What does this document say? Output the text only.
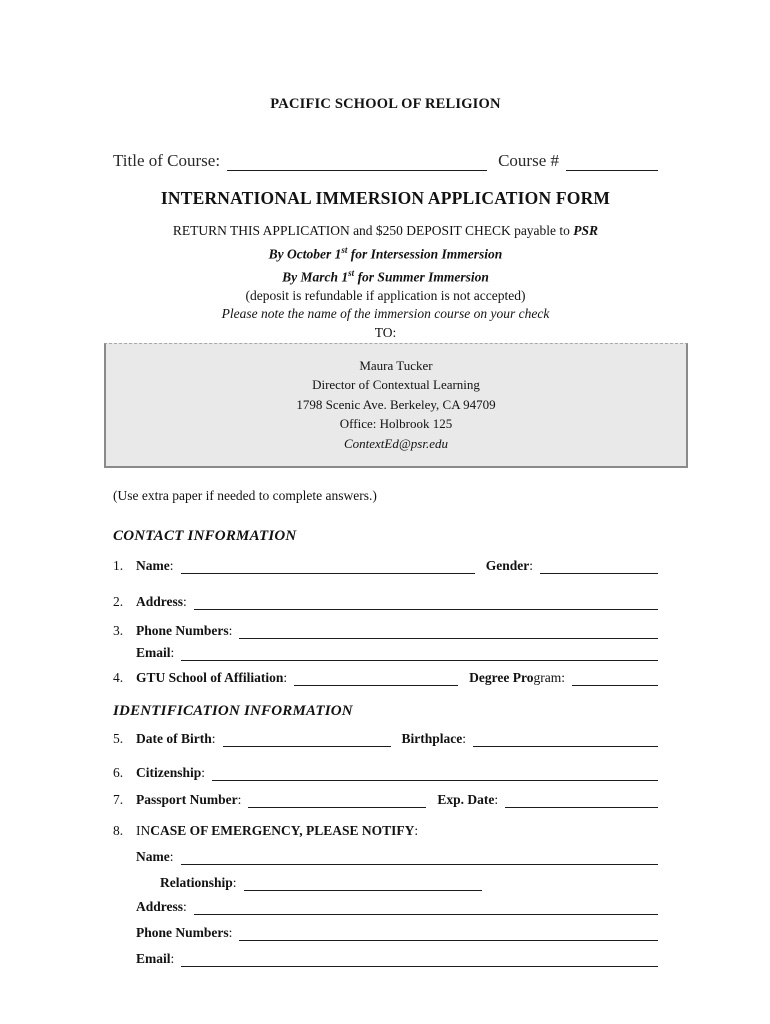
PACIFIC SCHOOL OF RELIGION
Title of Course:	Course #
INTERNATIONAL IMMERSION APPLICATION FORM
RETURN THIS APPLICATION and $250 DEPOSIT CHECK payable to PSR
By October 1st for Intersession Immersion
By March 1st for Summer Immersion
(deposit is refundable if application is not accepted)
Please note the name of the immersion course on your check
TO:
Maura Tucker
Director of Contextual Learning
1798 Scenic Ave. Berkeley, CA 94709
Office: Holbrook 125
ContextEd@psr.edu
(Use extra paper if needed to complete answers.)
CONTACT INFORMATION
1. Name :	Gender :
2. Address :
3. Phone Numbers :
Email :
4. GTU School of Affiliation :	Degree Pro gram :
IDENTIFICATION INFORMATION
5. Date of Birth :	Birthplace :
6. Citizenship :
7. Passport Number :	Exp. Date :
8. IN CASE OF EMERGENCY, PLEASE NOTIFY :
Name :
Relationship :
Address :
Phone Numbers :
Email :
